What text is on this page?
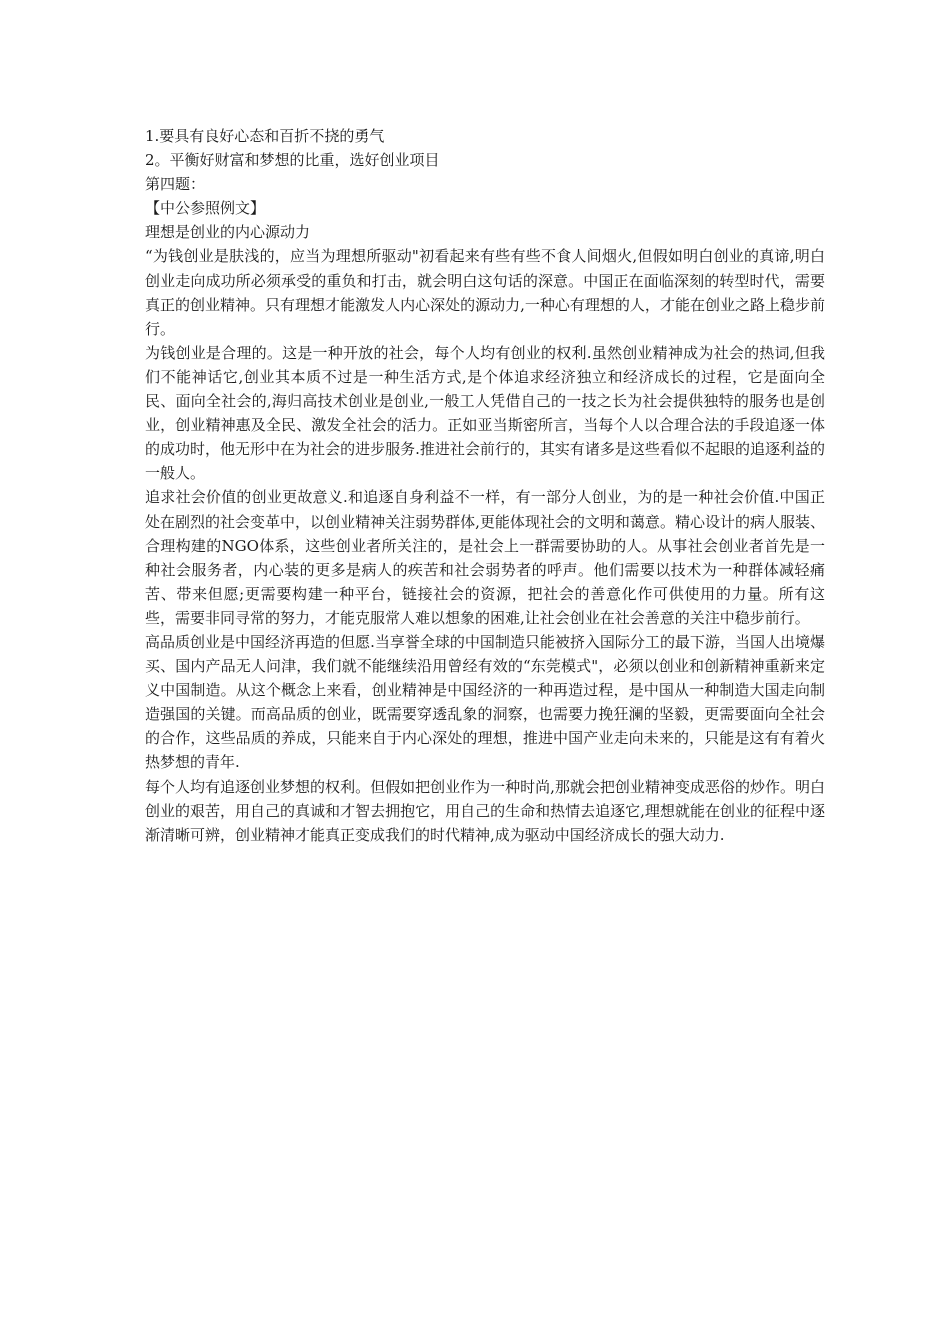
1.要具有良好心态和百折不挠的勇气

2。平衡好财富和梦想的比重，选好创业项目

第四题：

【中公参照例文】

理想是创业的内心源动力

“为钱创业是肤浅的，应当为理想所驱动"初看起来有些有些不食人间烟火,但假如明白创业的真谛,明白创业走向成功所必须承受的重负和打击，就会明白这句话的深意。中国正在面临深刻的转型时代，需要真正的创业精神。只有理想才能激发人内心深处的源动力,一种心有理想的人，才能在创业之路上稳步前行。

为钱创业是合理的。这是一种开放的社会，每个人均有创业的权利.虽然创业精神成为社会的热词,但我们不能神话它,创业其本质不过是一种生活方式,是个体追求经济独立和经济成长的过程，它是面向全民、面向全社会的,海归高技术创业是创业,一般工人凭借自己的一技之长为社会提供独特的服务也是创业，创业精神惠及全民、激发全社会的活力。正如亚当斯密所言，当每个人以合理合法的手段追逐一体的成功时，他无形中在为社会的进步服务.推进社会前行的，其实有诸多是这些看似不起眼的追逐利益的一般人。

追求社会价值的创业更故意义.和追逐自身利益不一样，有一部分人创业，为的是一种社会价值.中国正处在剧烈的社会变革中，以创业精神关注弱势群体,更能体现社会的文明和蔼意。精心设计的病人服装、合理构建的NGO体系，这些创业者所关注的，是社会上一群需要协助的人。从事社会创业者首先是一种社会服务者，内心装的更多是病人的疾苦和社会弱势者的呼声。他们需要以技术为一种群体减轻痛苦、带来但愿;更需要构建一种平台，链接社会的资源，把社会的善意化作可供使用的力量。所有这些，需要非同寻常的努力，才能克服常人难以想象的困难,让社会创业在社会善意的关注中稳步前行。

高品质创业是中国经济再造的但愿.当享誉全球的中国制造只能被挤入国际分工的最下游，当国人出境爆买、国内产品无人问津，我们就不能继续沿用曾经有效的“东莞模式"，必须以创业和创新精神重新来定义中国制造。从这个概念上来看，创业精神是中国经济的一种再造过程，是中国从一种制造大国走向制造强国的关键。而高品质的创业，既需要穿透乱象的洞察，也需要力挽狂澜的坚毅，更需要面向全社会的合作，这些品质的养成，只能来自于内心深处的理想，推进中国产业走向未来的，只能是这有有着火热梦想的青年.

每个人均有追逐创业梦想的权利。但假如把创业作为一种时尚,那就会把创业精神变成恶俗的炒作。明白创业的艰苦，用自己的真诚和才智去拥抱它，用自己的生命和热情去追逐它,理想就能在创业的征程中逐渐清晰可辨，创业精神才能真正变成我们的时代精神,成为驱动中国经济成长的强大动力.
